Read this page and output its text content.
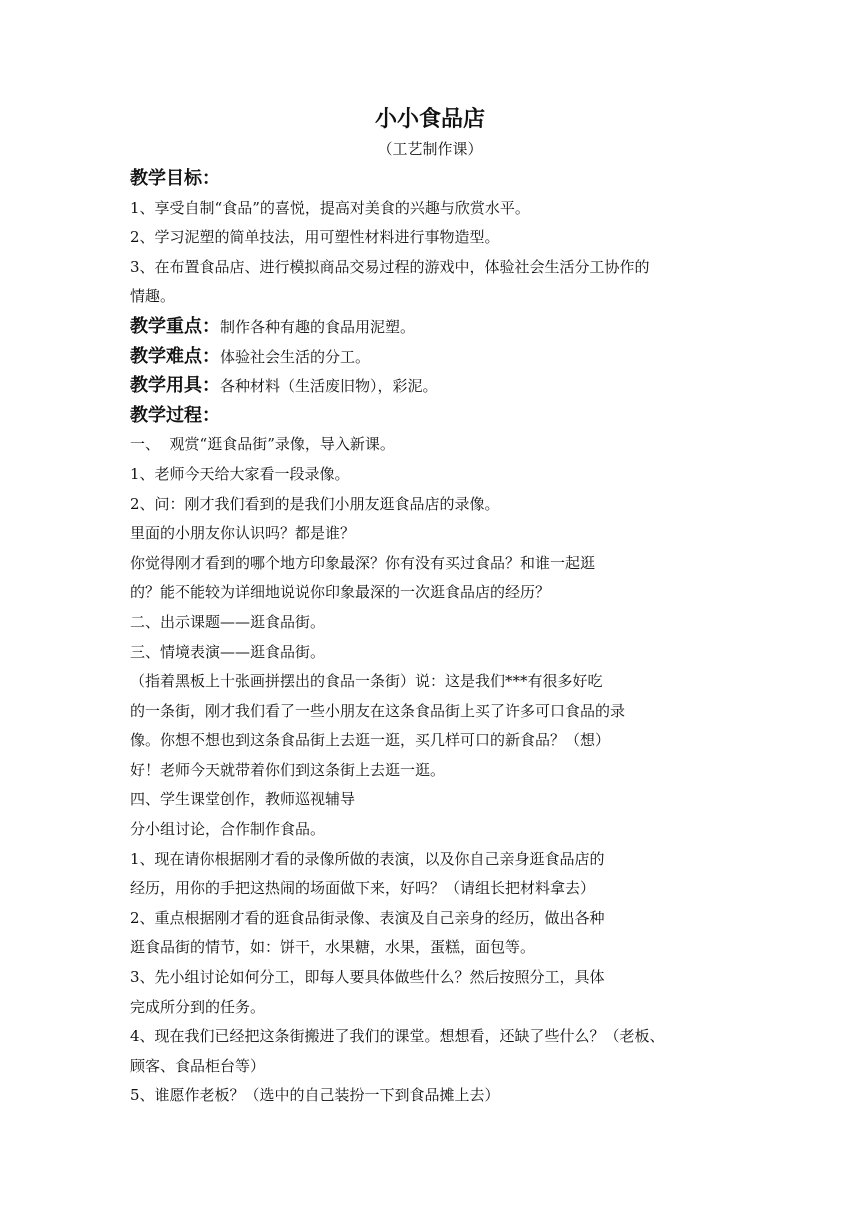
小小食品店
（工艺制作课）
教学目标：
1、享受自制“食品”的喜悦，提高对美食的兴趣与欣赏水平。
2、学习泥塑的简单技法，用可塑性材料进行事物造型。
3、在布置食品店、进行模拟商品交易过程的游戏中，体验社会生活分工协作的
情趣。
教学重点：制作各种有趣的食品用泥塑。
教学难点：体验社会生活的分工。
教学用具：各种材料（生活废旧物），彩泥。
教学过程：
一、  观赏“逛食品街”录像，导入新课。
1、老师今天给大家看一段录像。
2、问：刚才我们看到的是我们小朋友逛食品店的录像。
里面的小朋友你认识吗？都是谁？
你觉得刚才看到的哪个地方印象最深？你有没有买过食品？和谁一起逛
的？能不能较为详细地说说你印象最深的一次逛食品店的经历？
二、出示课题——逛食品街。
三、情境表演——逛食品街。
（指着黑板上十张画拼摆出的食品一条街）说：这是我们***有很多好吃
的一条街，刚才我们看了一些小朋友在这条食品街上买了许多可口食品的录
像。你想不想也到这条食品街上去逛一逛，买几样可口的新食品？（想）
好！老师今天就带着你们到这条街上去逛一逛。
四、学生课堂创作，教师巡视辅导
分小组讨论，合作制作食品。
1、现在请你根据刚才看的录像所做的表演，以及你自己亲身逛食品店的
经历，用你的手把这热闹的场面做下来，好吗？（请组长把材料拿去）
2、重点根据刚才看的逛食品街录像、表演及自己亲身的经历，做出各种
逛食品街的情节，如：饼干，水果糖，水果，蛋糕，面包等。
3、先小组讨论如何分工，即每人要具体做些什么？然后按照分工，具体
完成所分到的任务。
4、现在我们已经把这条街搬进了我们的课堂。想想看，还缺了些什么？（老板、
顾客、食品柜台等）
5、谁愿作老板？（选中的自己装扮一下到食品摊上去）
